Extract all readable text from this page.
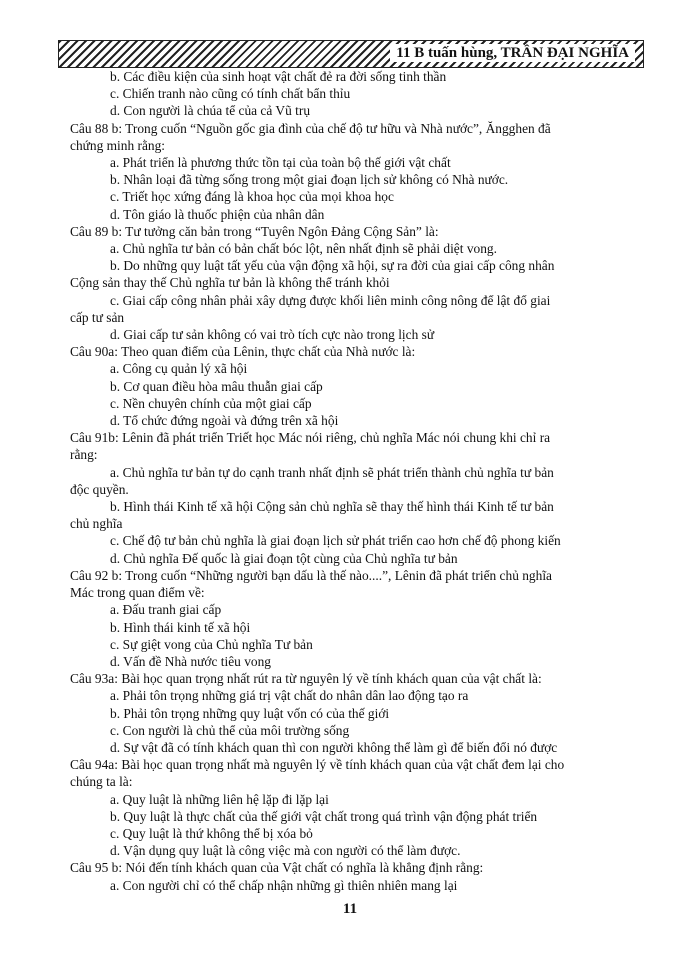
11 B tuấn hùng, TRẦN ĐẠI NGHĨA
b. Các điều kiện của sinh hoạt vật chất đẻ ra đời sống tinh thần
c. Chiến tranh nào cũng có tính chất bẩn thỉu
d. Con người là chúa tể của cả Vũ trụ
Câu 88 b: Trong cuốn “Nguồn gốc gia đình của chế độ tư hữu và Nhà nước”, Ăngghen đã
chứng minh rằng:
a. Phát triển là phương thức tồn tại của toàn bộ thế giới vật chất
b. Nhân loại đã từng sống trong một giai đoạn lịch sử không có Nhà nước.
c. Triết học xứng đáng là khoa học của mọi khoa học
d. Tôn giáo là thuốc phiện của nhân dân
Câu 89 b: Tư tưởng căn bản trong “Tuyên Ngôn Đảng Cộng Sản” là:
a. Chủ nghĩa tư bản có bản chất bóc lột, nên nhất định sẽ phải diệt vong.
b. Do những quy luật tất yếu của vận động xã hội, sự ra đời của giai cấp công nhân
Cộng sản thay thế Chủ nghĩa tư bản là không thể tránh khỏi
c. Giai cấp công nhân phải xây dựng được khối liên minh công nông để lật đổ giai
cấp tư sản
d. Giai cấp tư sản không có vai trò tích cực nào trong lịch sử
Câu 90a: Theo quan điểm của Lênin, thực chất của Nhà nước là:
a. Công cụ quản lý xã hội
b. Cơ quan điều hòa mâu thuẫn giai cấp
c. Nền chuyên chính của một giai cấp
d. Tổ chức đứng ngoài và đứng trên xã hội
Câu 91b: Lênin đã phát triển Triết học Mác nói riêng, chủ nghĩa Mác nói chung khi chỉ ra
rằng:
a. Chủ nghĩa tư bản tự do cạnh tranh nhất định sẽ phát triển thành chủ nghĩa tư bản
độc quyền.
b. Hình thái Kinh tế xã hội Cộng sản chủ nghĩa sẽ thay thế hình thái Kinh tế tư bản
chủ nghĩa
c. Chế độ tư bản chủ nghĩa là giai đoạn lịch sử phát triển cao hơn chế độ phong kiến
d. Chủ nghĩa Đế quốc là giai đoạn tột cùng của Chủ nghĩa tư bản
Câu 92 b: Trong cuốn “Những người bạn dấu là thế nào....”, Lênin đã phát triển chủ nghĩa
Mác trong quan điểm về:
a. Đấu tranh giai cấp
b. Hình thái kinh tế xã hội
c. Sự giệt vong của Chủ nghĩa Tư bản
d. Vấn đề Nhà nước tiêu vong
Câu 93a: Bài học quan trọng nhất rút ra từ nguyên lý về tính khách quan của vật chất là:
a. Phải tôn trọng những giá trị vật chất do nhân dân lao động tạo ra
b. Phải tôn trọng những quy luật vốn có của thế giới
c. Con người là chủ thể của môi trường sống
d. Sự vật đã có tính khách quan thì con người không thể làm gì để biến đổi nó được
Câu 94a: Bài học quan trọng nhất mà nguyên lý về tính khách quan của vật chất đem lại cho
chúng ta là:
a. Quy luật là những liên hệ lặp đi lặp lại
b. Quy luật là thực chất của thế giới vật chất trong quá trình vận động phát triển
c. Quy luật là thứ không thể bị xóa bỏ
d. Vận dụng quy luật là công việc mà con người có thể làm được.
Câu 95 b: Nói đến tính khách quan của Vật chất có nghĩa là khẳng định rằng:
a. Con người chỉ có thể chấp nhận những gì thiên nhiên mang lại
11
